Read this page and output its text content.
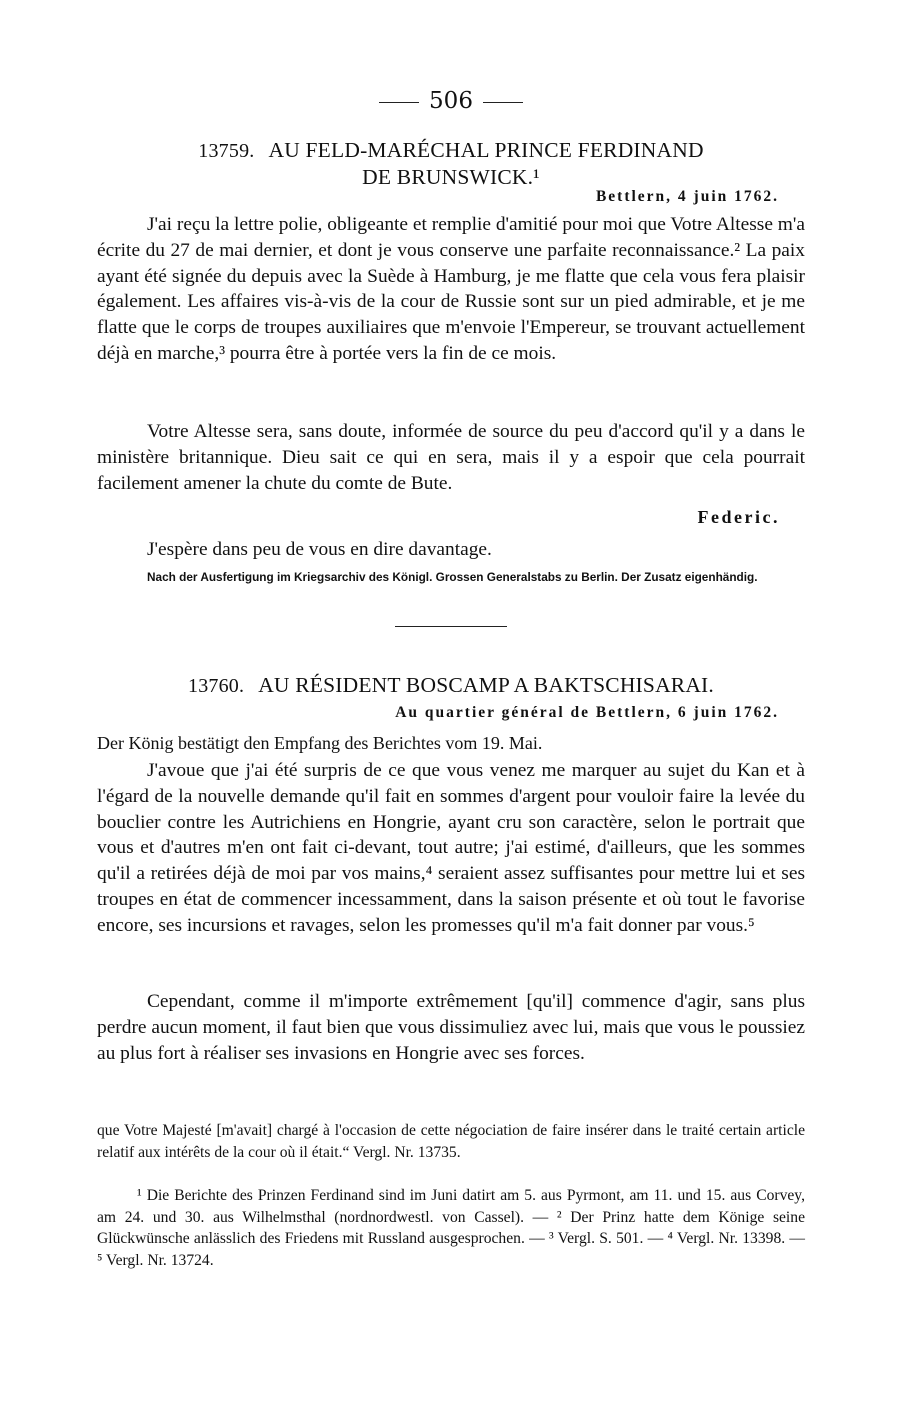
506
13759. AU FELD-MARÉCHAL PRINCE FERDINAND
DE BRUNSWICK.¹
Bettlern, 4 juin 1762.

J'ai reçu la lettre polie, obligeante et remplie d'amitié pour moi que Votre Altesse m'a écrite du 27 de mai dernier, et dont je vous conserve une parfaite reconnaissance.² La paix ayant été signée du depuis avec la Suède à Hamburg, je me flatte que cela vous fera plaisir également. Les affaires vis-à-vis de la cour de Russie sont sur un pied admirable, et je me flatte que le corps de troupes auxiliaires que m'envoie l'Empereur, se trouvant actuellement déjà en marche,³ pourra être à portée vers la fin de ce mois.

Votre Altesse sera, sans doute, informée de source du peu d'accord qu'il y a dans le ministère britannique. Dieu sait ce qui en sera, mais il y a espoir que cela pourrait facilement amener la chute du comte de Bute.

Federic.

J'espère dans peu de vous en dire davantage.

Nach der Ausfertigung im Kriegsarchiv des Königl. Grossen Generalstabs zu Berlin. Der Zusatz eigenhändig.
13760. AU RÉSIDENT BOSCAMP A BAKTSCHISARAI.
Au quartier général de Bettlern, 6 juin 1762.
Der König bestätigt den Empfang des Berichtes vom 19. Mai.

J'avoue que j'ai été surpris de ce que vous venez me marquer au sujet du Kan et à l'égard de la nouvelle demande qu'il fait en sommes d'argent pour vouloir faire la levée du bouclier contre les Autrichiens en Hongrie, ayant cru son caractère, selon le portrait que vous et d'autres m'en ont fait ci-devant, tout autre; j'ai estimé, d'ailleurs, que les sommes qu'il a retirées déjà de moi par vos mains,⁴ seraient assez suffisantes pour mettre lui et ses troupes en état de commencer incessamment, dans la saison présente et où tout le favorise encore, ses incursions et ravages, selon les promesses qu'il m'a fait donner par vous.⁵

Cependant, comme il m'importe extrêmement [qu'il] commence d'agir, sans plus perdre aucun moment, il faut bien que vous dissimuliez avec lui, mais que vous le poussiez au plus fort à réaliser ses invasions en Hongrie avec ses forces.

que Votre Majesté [m'avait] chargé à l'occasion de cette négociation de faire insérer dans le traité certain article relatif aux intérêts de la cour où il était.“ Vergl. Nr. 13735.

¹ Die Berichte des Prinzen Ferdinand sind im Juni datirt am 5. aus Pyrmont, am 11. und 15. aus Corvey, am 24. und 30. aus Wilhelmsthal (nordnordwestl. von Cassel). — ² Der Prinz hatte dem Könige seine Glückwünsche anlässlich des Friedens mit Russland ausgesprochen. — ³ Vergl. S. 501. — ⁴ Vergl. Nr. 13398. — ⁵ Vergl. Nr. 13724.
